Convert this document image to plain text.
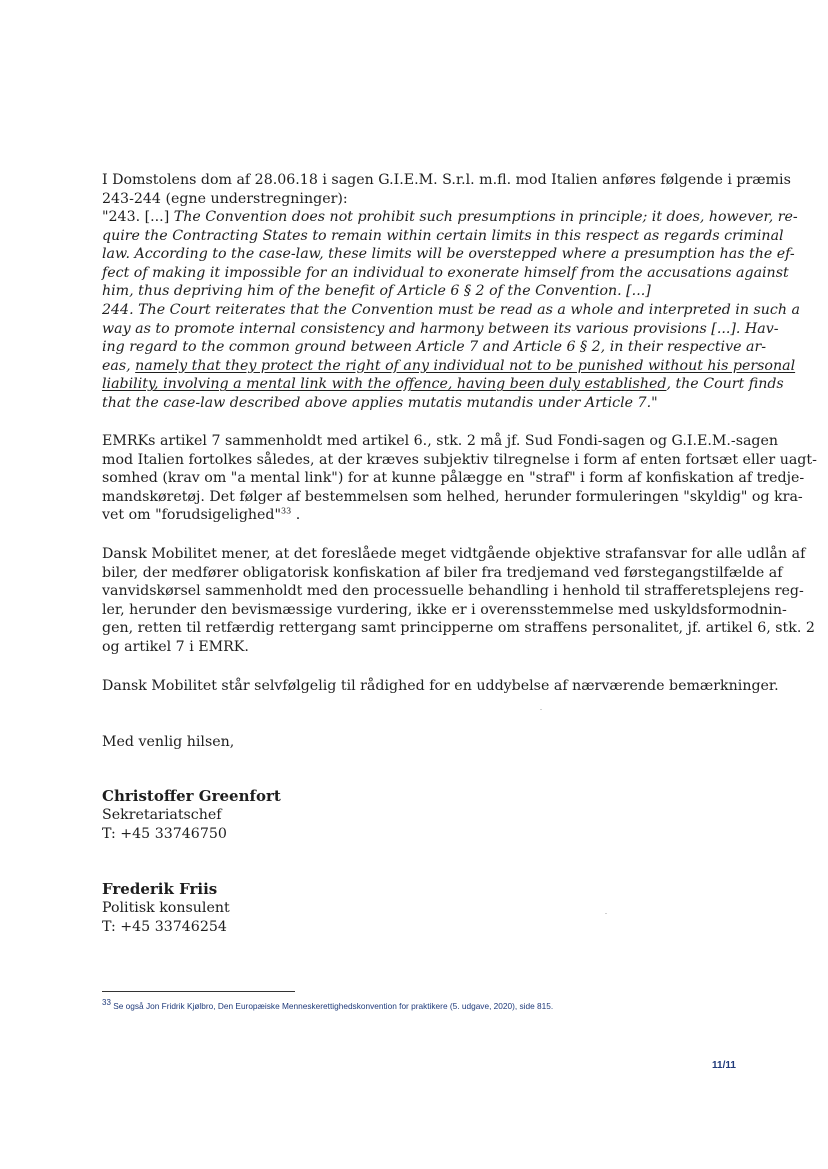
I Domstolens dom af 28.06.18 i sagen G.I.E.M. S.r.l. m.fl. mod Italien anføres følgende i præmis
243-244 (egne understregninger):
"243. [...] The Convention does not prohibit such presumptions in principle; it does, however, re-
quire the Contracting States to remain within certain limits in this respect as regards criminal
law. According to the case-law, these limits will be overstepped where a presumption has the ef-
fect of making it impossible for an individual to exonerate himself from the accusations against
him, thus depriving him of the benefit of Article 6 § 2 of the Convention. [...]
244. The Court reiterates that the Convention must be read as a whole and interpreted in such a
way as to promote internal consistency and harmony between its various provisions [...]. Hav-
ing regard to the common ground between Article 7 and Article 6 § 2, in their respective ar-
eas, namely that they protect the right of any individual not to be punished without his personal
liability, involving a mental link with the offence, having been duly established, the Court finds
that the case-law described above applies mutatis mutandis under Article 7."
EMRKs artikel 7 sammenholdt med artikel 6., stk. 2 må jf. Sud Fondi-sagen og G.I.E.M.-sagen
mod Italien fortolkes således, at der kræves subjektiv tilregnelse i form af enten fortsæt eller uagt-
somhed (krav om "a mental link") for at kunne pålægge en "straf" i form af konfiskation af tredje-
mandskøretøj. Det følger af bestemmelsen som helhed, herunder formuleringen "skyldig" og kra-
vet om "forudsigelighed"$^{33}$ .
Dansk Mobilitet mener, at det foreslåede meget vidtgående objektive strafansvar for alle udlån af
biler, der medfører obligatorisk konfiskation af biler fra tredjemand ved førstegangstilfælde af
vanvidskørsel sammenholdt med den processuelle behandling i henhold til strafferetsplejens reg-
ler, herunder den bevismæssige vurdering, ikke er i overensstemmelse med uskyldsformodnin-
gen, retten til retfærdig rettergang samt principperne om straffens personalitet, jf. artikel 6, stk. 2
og artikel 7 i EMRK.
Dansk Mobilitet står selvfølgelig til rådighed for en uddybelse af nærværende bemærkninger.
Med venlig hilsen,
Christoffer Greenfort
Sekretariatschef
T: +45 33746750
Frederik Friis
Politisk konsulent
T: +45 33746254
33 Se også Jon Fridrik Kjølbro, Den Europæiske Menneskerettighedskonvention for praktikere (5. udgave, 2020), side 815.
11/11
